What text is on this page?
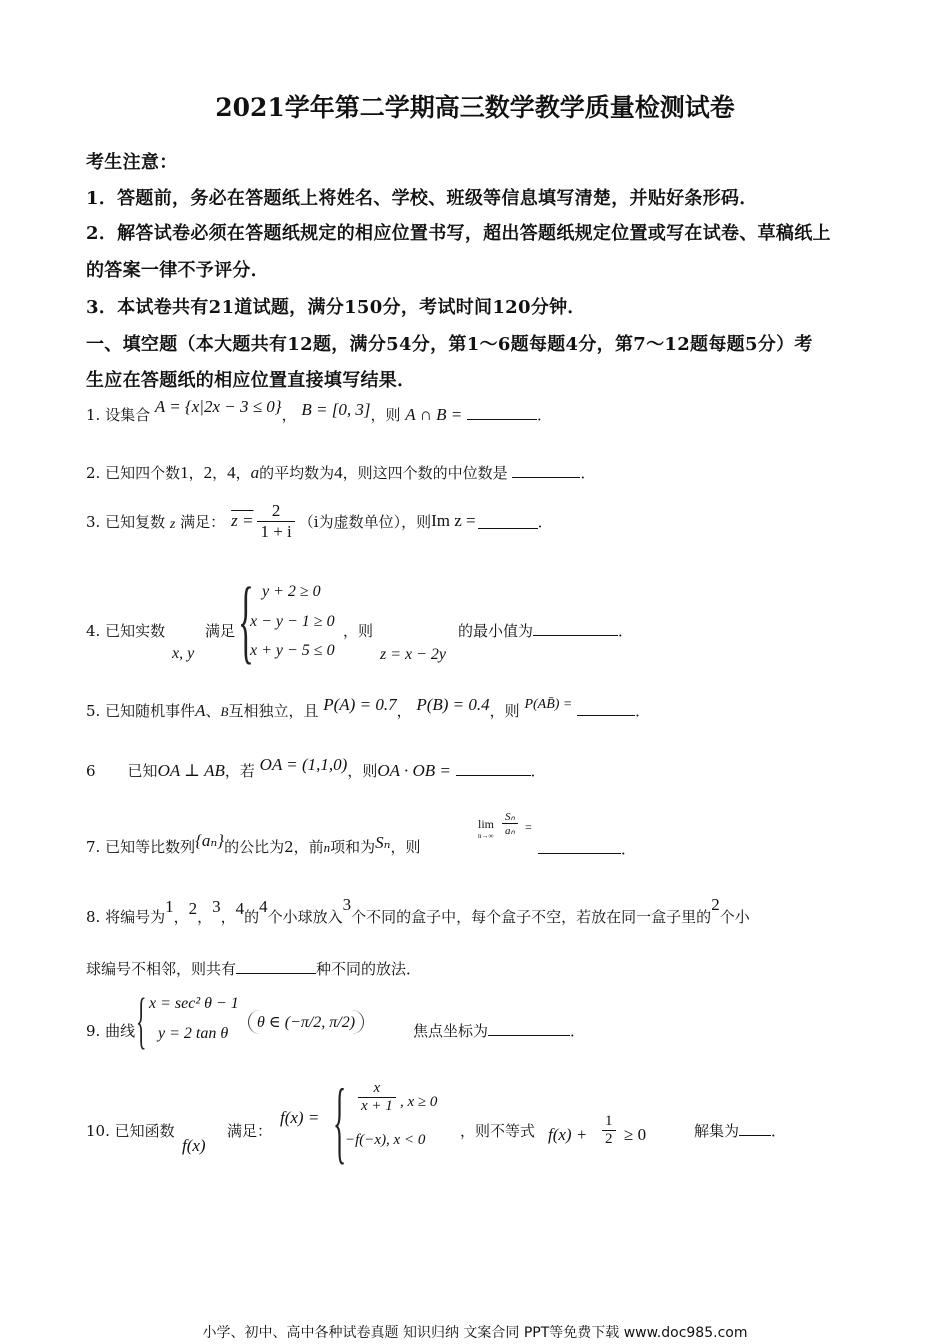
2021学年第二学期高三数学教学质量检测试卷
考生注意：
1．答题前，务必在答题纸上将姓名、学校、班级等信息填写清楚，并贴好条形码．
2．解答试卷必须在答题纸规定的相应位置书写，超出答题纸规定位置或写在试卷、草稿纸上
的答案一律不予评分．
3．本试卷共有21道试题，满分150分，考试时间120分钟．
一、填空题（本大题共有12题，满分54分，第1～6题每题4分，第7～12题每题5分）考
生应在答题纸的相应位置直接填写结果．
1. 设集合 A = {x|2x − 3 ≤ 0}， B = [0, 3]，则 A ∩ B =	．
2. 已知四个数1，2，4，a的平均数为4，则这四个数的中位数是	．
3. 已知复数
z
满足： $z = \frac{2}{1 + i} (i$为虚数单位），则 Im z =	．
4. 已知实数
x, y
满足 { y + 2 ≥ 0
x − y − 1 ≥ 0
x + y − 5 ≤ 0
，则
z = x − 2y
的最小值为	．
5. 已知随机事件A、B互相独立，且 P(A) = 0.7， P(B) = 0.4，则 P(AB̄) =	．
6 已知OA ⊥ AB，若 OA = (1,1,0)，则OA · OB =	．
7. 已知等比数列{aₙ}的公比为2，前n项和为Sₙ，则
lim
$n\to\infty \frac{\text{Sₙ}}{\text{aₙ}}$ =
．
8. 将编号为1，2，3，4的4个小球放入3个不同的盒子中，每个盒子不空，若放在同一盒子里的2个小
球编号不相邻，则共有	种不同的放法．
9. 曲线 { x = sec² θ − 1
y = 2 tan θ
θ ∈ (−π/2, π/2)	焦点坐标为	．
10. 已知函数
f(x)
满足：
f(x) = { $\frac{x}{x + 1}$ , x ≥ 0
−f(−x), x < 0 ，则不等式 $f(x) + \frac{1}{2} \ge 0$	解集为 ．
小学、初中、高中各种试卷真题 知识归纳 文案合同 PPT等免费下载 www.doc985.com
